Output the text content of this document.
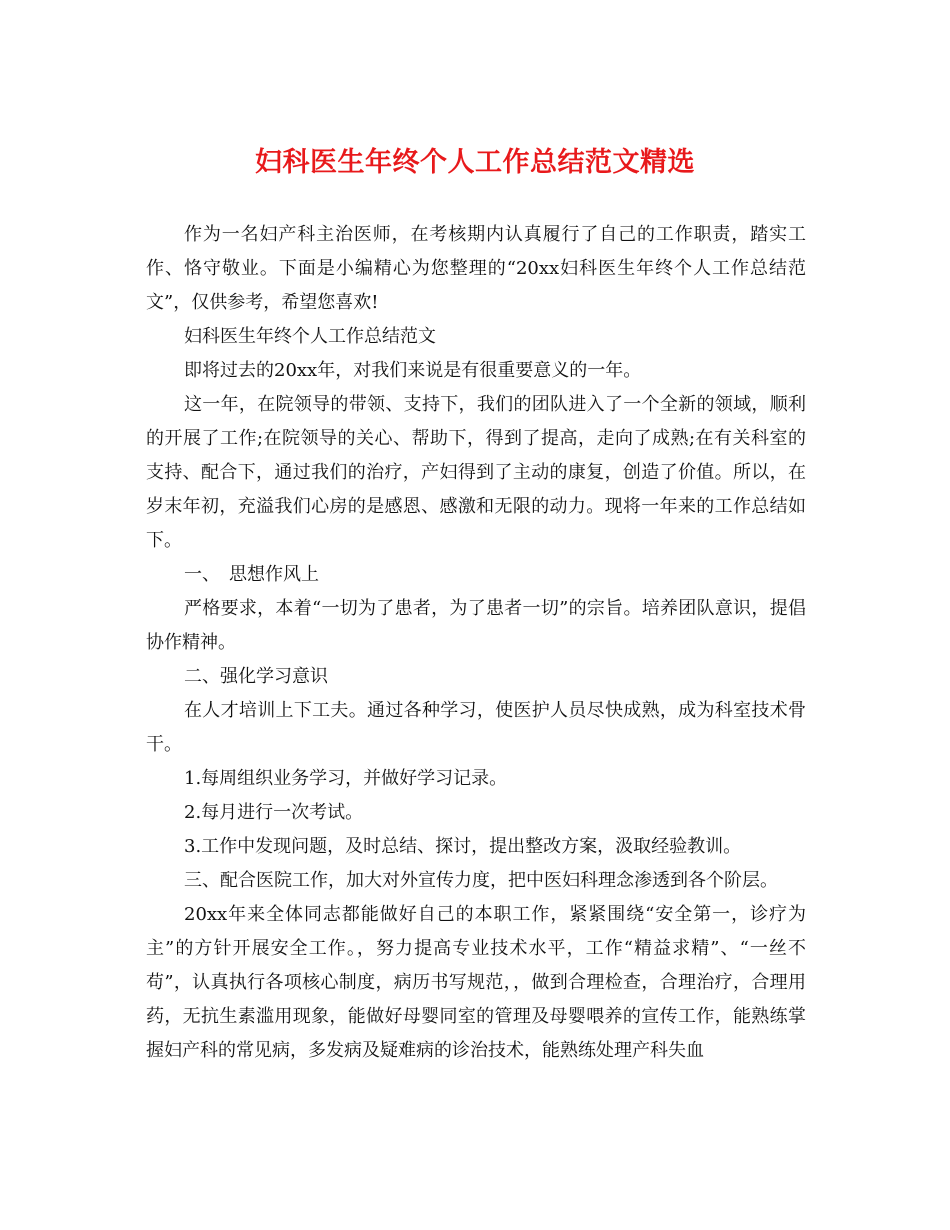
妇科医生年终个人工作总结范文精选

作为一名妇产科主治医师，在考核期内认真履行了自己的工作职责，踏实工作、恪守敬业。下面是小编精心为您整理的“20xx妇科医生年终个人工作总结范文”，仅供参考，希望您喜欢!

妇科医生年终个人工作总结范文

即将过去的20xx年，对我们来说是有很重要意义的一年。

这一年，在院领导的带领、支持下，我们的团队进入了一个全新的领域，顺利的开展了工作;在院领导的关心、帮助下，得到了提高，走向了成熟;在有关科室的支持、配合下，通过我们的治疗，产妇得到了主动的康复，创造了价值。所以，在岁末年初，充溢我们心房的是感恩、感激和无限的动力。现将一年来的工作总结如下。

一、　思想作风上

严格要求，本着“一切为了患者，为了患者一切”的宗旨。培养团队意识，提倡协作精神。

二、强化学习意识

在人才培训上下工夫。通过各种学习，使医护人员尽快成熟，成为科室技术骨干。

1.每周组织业务学习，并做好学习记录。

2.每月进行一次考试。

3.工作中发现问题，及时总结、探讨，提出整改方案，汲取经验教训。

三、配合医院工作，加大对外宣传力度，把中医妇科理念渗透到各个阶层。

20xx年来全体同志都能做好自己的本职工作，紧紧围绕“安全第一，诊疗为主”的方针开展安全工作。，努力提高专业技术水平，工作“精益求精”、“一丝不苟”，认真执行各项核心制度，病历书写规范，，做到合理检查，合理治疗，合理用药，无抗生素滥用现象，能做好母婴同室的管理及母婴喂养的宣传工作，能熟练掌握妇产科的常见病，多发病及疑难病的诊治技术，能熟练处理产科失血
